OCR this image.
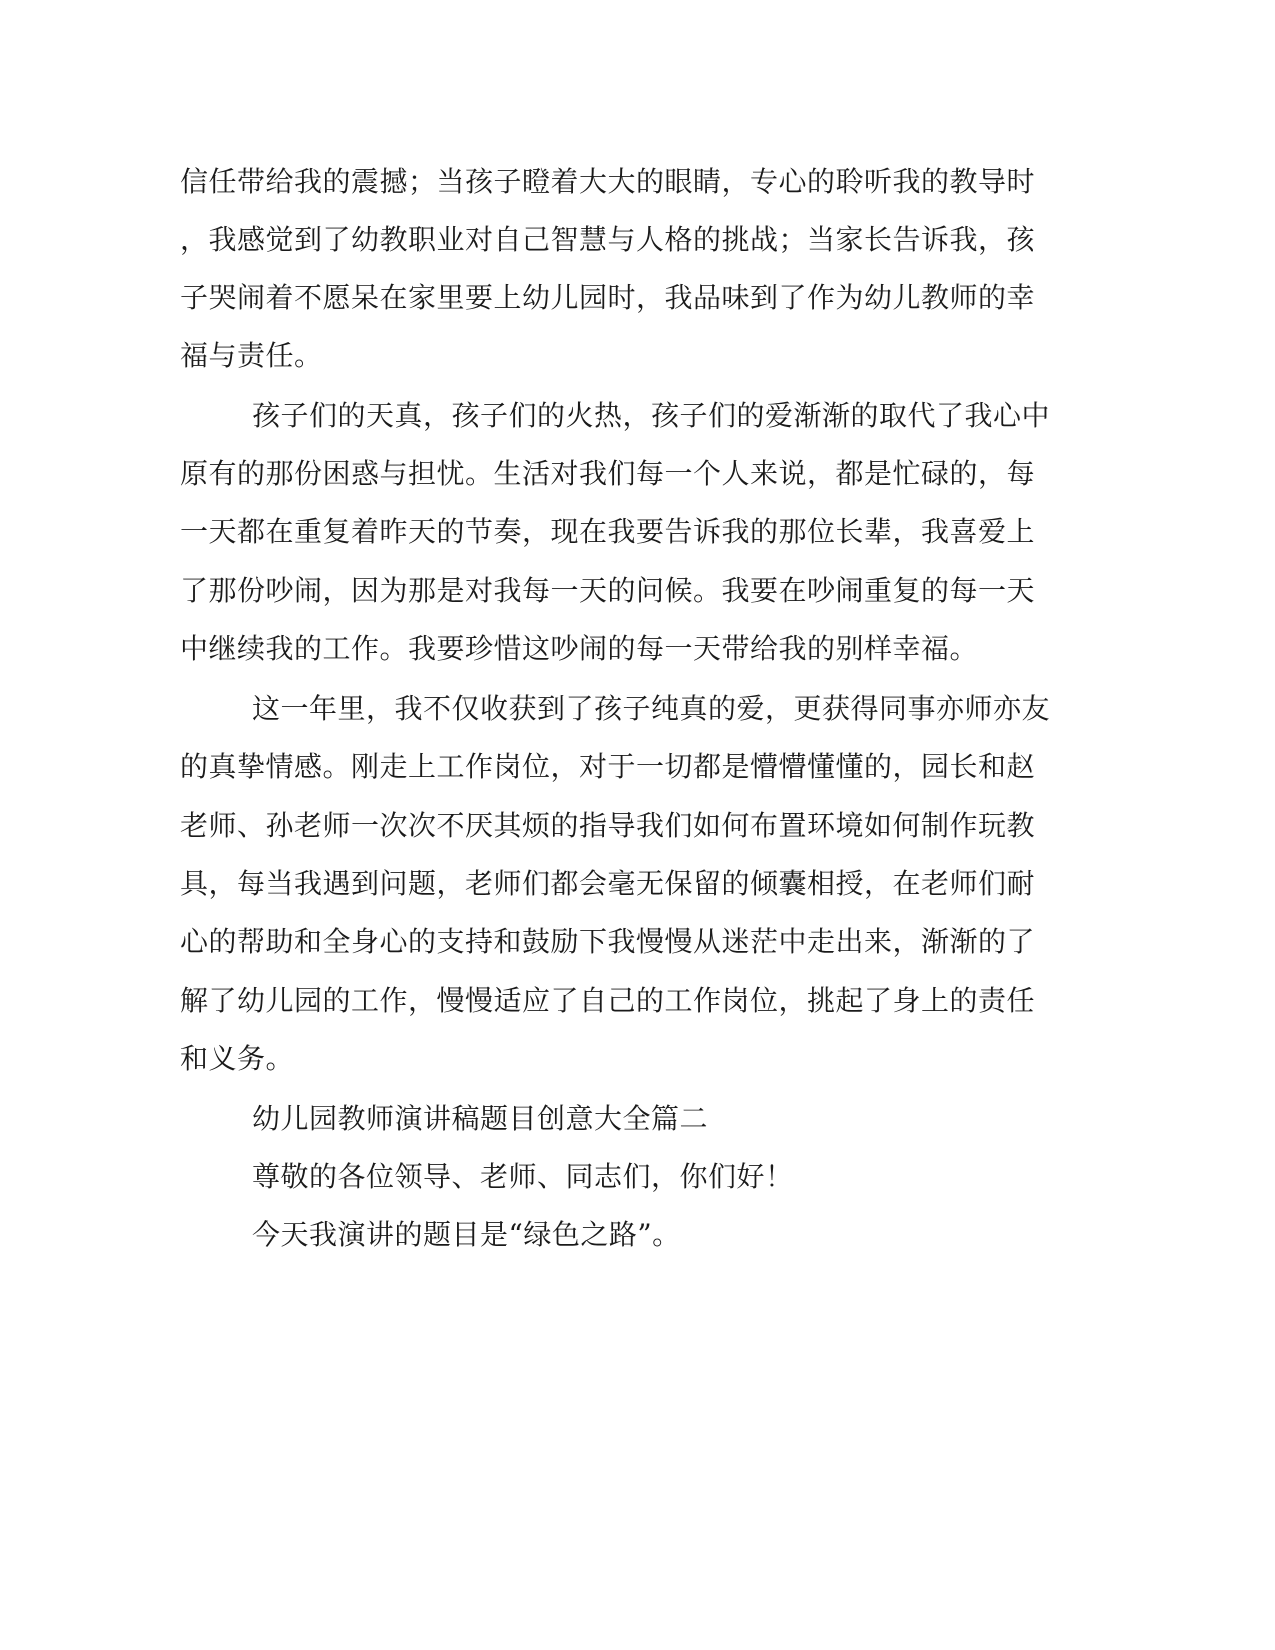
信任带给我的震撼；当孩子瞪着大大的眼睛，专心的聆听我的教导时
，我感觉到了幼教职业对自己智慧与人格的挑战；当家长告诉我，孩
子哭闹着不愿呆在家里要上幼儿园时，我品味到了作为幼儿教师的幸
福与责任。
孩子们的天真，孩子们的火热，孩子们的爱渐渐的取代了我心中
原有的那份困惑与担忧。生活对我们每一个人来说，都是忙碌的，每
一天都在重复着昨天的节奏，现在我要告诉我的那位长辈，我喜爱上
了那份吵闹，因为那是对我每一天的问候。我要在吵闹重复的每一天
中继续我的工作。我要珍惜这吵闹的每一天带给我的别样幸福。
这一年里，我不仅收获到了孩子纯真的爱，更获得同事亦师亦友
的真挚情感。刚走上工作岗位，对于一切都是懵懵懂懂的，园长和赵
老师、孙老师一次次不厌其烦的指导我们如何布置环境如何制作玩教
具，每当我遇到问题，老师们都会毫无保留的倾囊相授，在老师们耐
心的帮助和全身心的支持和鼓励下我慢慢从迷茫中走出来，渐渐的了
解了幼儿园的工作，慢慢适应了自己的工作岗位，挑起了身上的责任
和义务。
幼儿园教师演讲稿题目创意大全篇二
尊敬的各位领导、老师、同志们，你们好！
今天我演讲的题目是“绿色之路”。
